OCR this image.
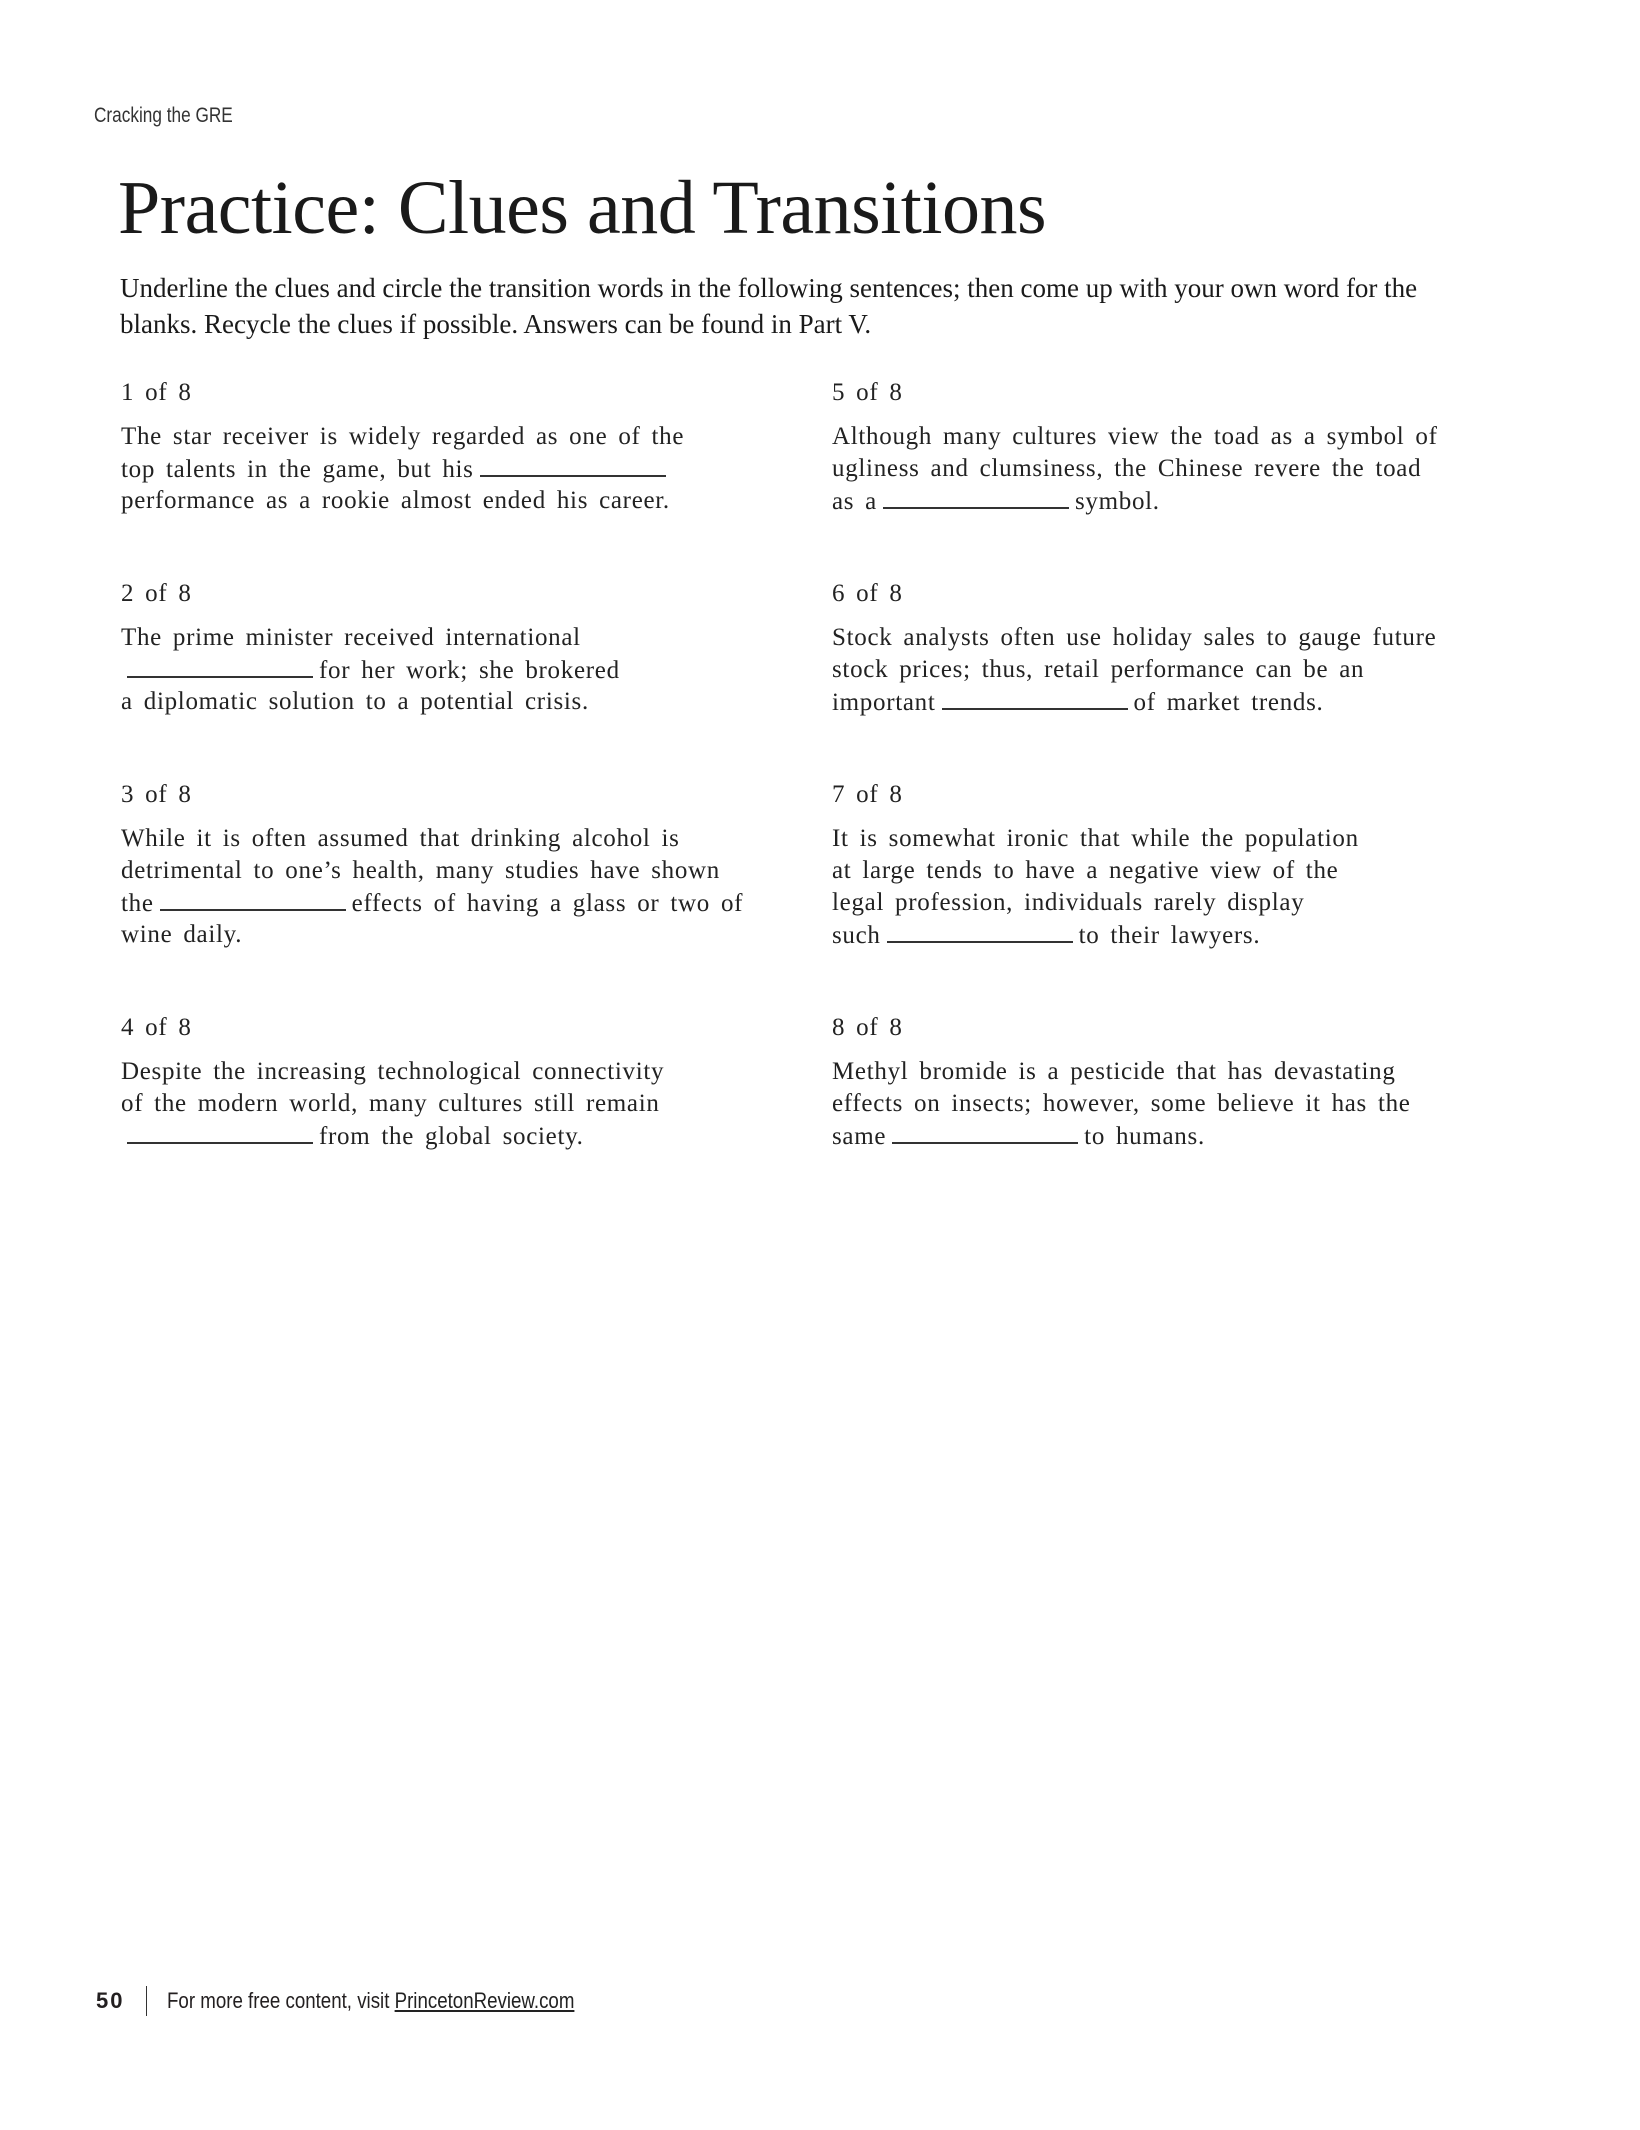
Cracking the GRE
Practice: Clues and Transitions
Underline the clues and circle the transition words in the following sentences; then come up with your own word for the
blanks. Recycle the clues if possible. Answers can be found in Part V.
1 of 8
The star receiver is widely regarded as one of the
top talents in the game, but his
performance as a rookie almost ended his career.
2 of 8
The prime minister received international
for her work; she brokered
a diplomatic solution to a potential crisis.
3 of 8
While it is often assumed that drinking alcohol is
detrimental to one’s health, many studies have shown
the	effects of having a glass or two of
wine daily.
4 of 8
Despite the increasing technological connectivity
of the modern world, many cultures still remain
from the global society.
5 of 8
Although many cultures view the toad as a symbol of
ugliness and clumsiness, the Chinese revere the toad
as a	symbol.
6 of 8
Stock analysts often use holiday sales to gauge future
stock prices; thus, retail performance can be an
important	of market trends.
7 of 8
It is somewhat ironic that while the population
at large tends to have a negative view of the
legal profession, individuals rarely display
such	to their lawyers.
8 of 8
Methyl bromide is a pesticide that has devastating
effects on insects; however, some believe it has the
same	to humans.
50 For more free content, visit PrincetonReview.com
